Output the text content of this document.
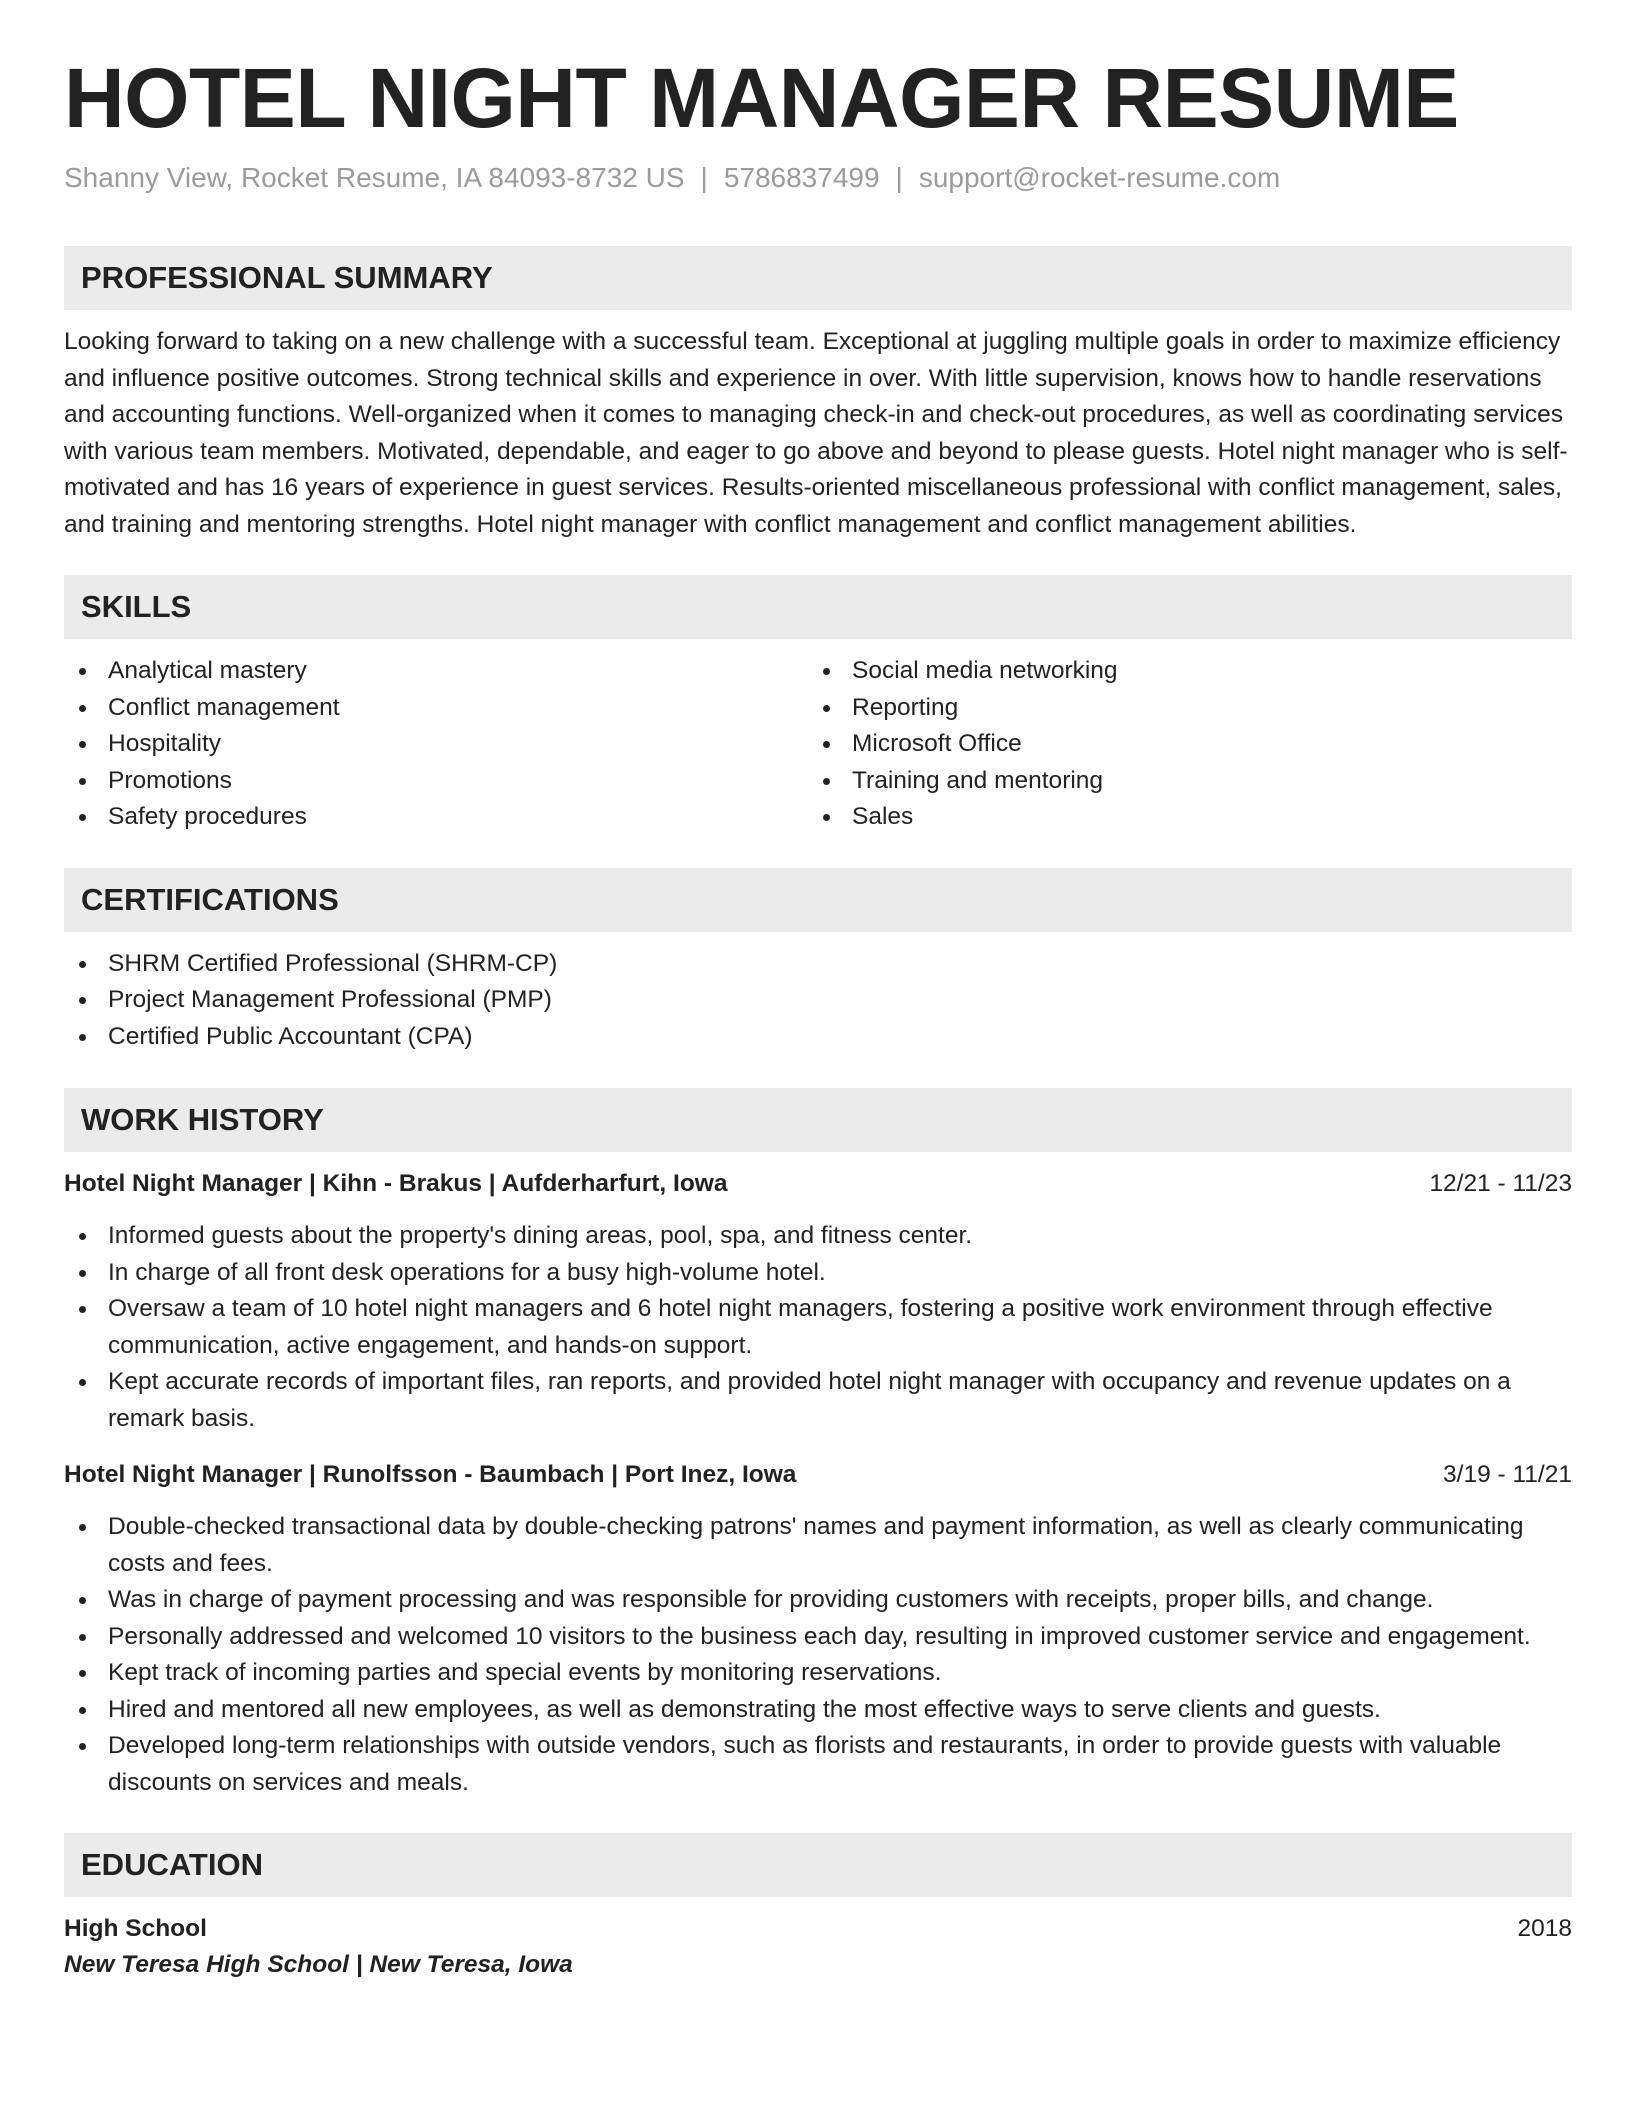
HOTEL NIGHT MANAGER RESUME
Shanny View, Rocket Resume, IA 84093-8732 US | 5786837499 | support@rocket-resume.com
PROFESSIONAL SUMMARY

Looking forward to taking on a new challenge with a successful team. Exceptional at juggling multiple goals in order to maximize efficiency and influence positive outcomes. Strong technical skills and experience in over. With little supervision, knows how to handle reservations and accounting functions. Well-organized when it comes to managing check-in and check-out procedures, as well as coordinating services with various team members. Motivated, dependable, and eager to go above and beyond to please guests. Hotel night manager who is self-motivated and has 16 years of experience in guest services. Results-oriented miscellaneous professional with conflict management, sales, and training and mentoring strengths. Hotel night manager with conflict management and conflict management abilities.

SKILLS
Analytical mastery
Conflict management
Hospitality
Promotions
Safety procedures
Social media networking
Reporting
Microsoft Office
Training and mentoring
Sales
CERTIFICATIONS
SHRM Certified Professional (SHRM-CP)
Project Management Professional (PMP)
Certified Public Accountant (CPA)
WORK HISTORY
Hotel Night Manager | Kihn - Brakus | Aufderharfurt, Iowa	12/21 - 11/23
Informed guests about the property's dining areas, pool, spa, and fitness center.
In charge of all front desk operations for a busy high-volume hotel.
Oversaw a team of 10 hotel night managers and 6 hotel night managers, fostering a positive work environment through effective communication, active engagement, and hands-on support.
Kept accurate records of important files, ran reports, and provided hotel night manager with occupancy and revenue updates on a remark basis.
Hotel Night Manager | Runolfsson - Baumbach | Port Inez, Iowa	3/19 - 11/21
Double-checked transactional data by double-checking patrons' names and payment information, as well as clearly communicating costs and fees.
Was in charge of payment processing and was responsible for providing customers with receipts, proper bills, and change.
Personally addressed and welcomed 10 visitors to the business each day, resulting in improved customer service and engagement.
Kept track of incoming parties and special events by monitoring reservations.
Hired and mentored all new employees, as well as demonstrating the most effective ways to serve clients and guests.
Developed long-term relationships with outside vendors, such as florists and restaurants, in order to provide guests with valuable discounts on services and meals.
EDUCATION
High School	2018
New Teresa High School | New Teresa, Iowa
